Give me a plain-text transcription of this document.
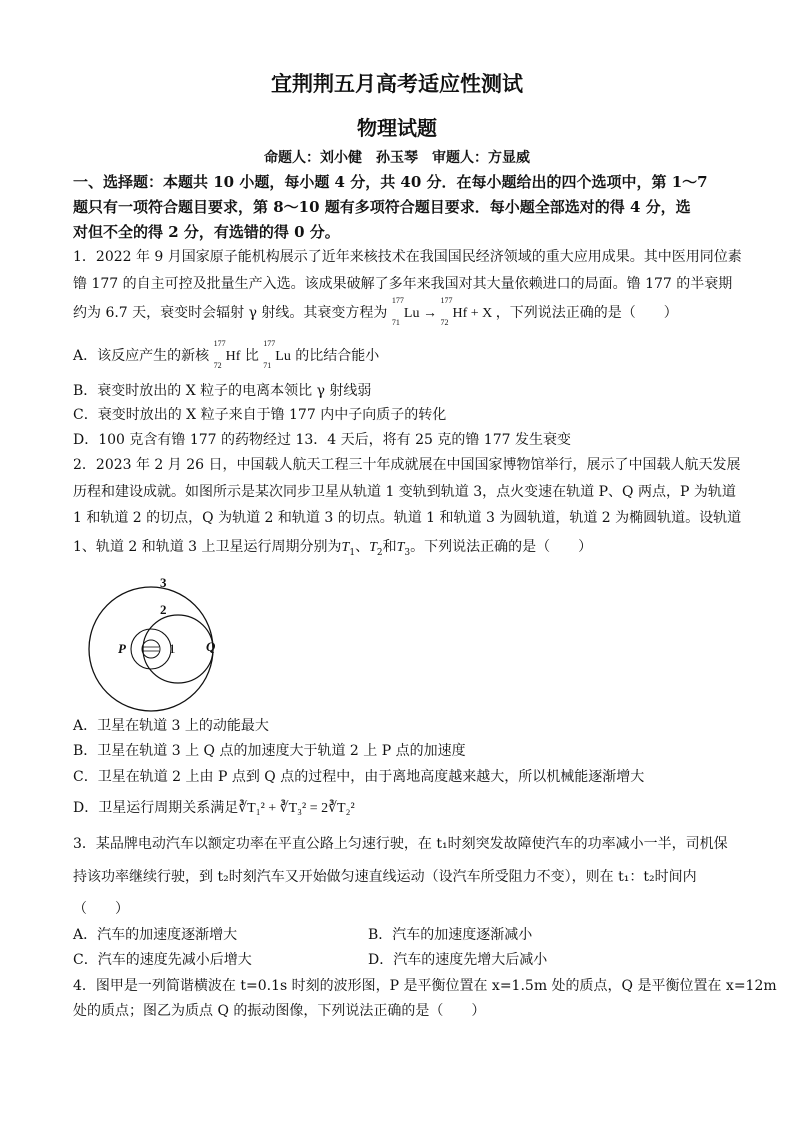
宜荆荆五月高考适应性测试
物理试题
命题人：刘小健　孙玉琴　审题人：方显威
一、选择题：本题共 10 小题，每小题 4 分，共 40 分．在每小题给出的四个选项中，第 1～7
题只有一项符合题目要求，第 8～10 题有多项符合题目要求．每小题全部选对的得 4 分，选
对但不全的得 2 分，有选错的得 0 分。
1．2022 年 9 月国家原子能机构展示了近年来核技术在我国国民经济领域的重大应用成果。其中医用同位素
镥 177 的自主可控及批量生产入选。该成果破解了多年来我国对其大量依赖进口的局面。镥 177 的半衰期
约为 6.7 天，衰变时会辐射 γ 射线。其衰变方程为
177
71
Lu →
177
72
Hf + X ，下列说法正确的是（　　）
A．该反应产生的新核
177
72
Hf 比
177
71
Lu 的比结合能小
B．衰变时放出的 X 粒子的电离本领比 γ 射线弱
C．衰变时放出的 X 粒子来自于镥 177 内中子向质子的转化
D．100 克含有镥 177 的药物经过 13．4 天后，将有 25 克的镥 177 发生衰变
2．2023 年 2 月 26 日，中国载人航天工程三十年成就展在中国国家博物馆举行，展示了中国载人航天发展
历程和建设成就。如图所示是某次同步卫星从轨道 1 变轨到轨道 3，点火变速在轨道 P、Q 两点，P 为轨道
1 和轨道 2 的切点，Q 为轨道 2 和轨道 3 的切点。轨道 1 和轨道 3 为圆轨道，轨道 2 为椭圆轨道。设轨道
1、轨道 2 和轨道 3 上卫星运行周期分别为$T_1$、$T_2$和$T_3$。下列说法正确的是（　　）
3
2
1
P	Q
A．卫星在轨道 3 上的动能最大
B．卫星在轨道 3 上 Q 点的加速度大于轨道 2 上 P 点的加速度
C．卫星在轨道 2 上由 P 点到 Q 点的过程中，由于离地高度越来越大，所以机械能逐渐增大
D．卫星运行周期关系满足∛T₁² + ∛T₃² = 2∛T₂²
3．某品牌电动汽车以额定功率在平直公路上匀速行驶，在 t₁时刻突发故障使汽车的功率减小一半，司机保
持该功率继续行驶，到 t₂时刻汽车又开始做匀速直线运动（设汽车所受阻力不变），则在 t₁：t₂时间内
（　　）
A．汽车的加速度逐渐增大	B．汽车的加速度逐渐减小
C．汽车的速度先减小后增大	D．汽车的速度先增大后减小
4．图甲是一列简谐横波在 t=0.1s 时刻的波形图，P 是平衡位置在 x=1.5m 处的质点，Q 是平衡位置在 x=12m
处的质点；图乙为质点 Q 的振动图像，下列说法正确的是（　　）
